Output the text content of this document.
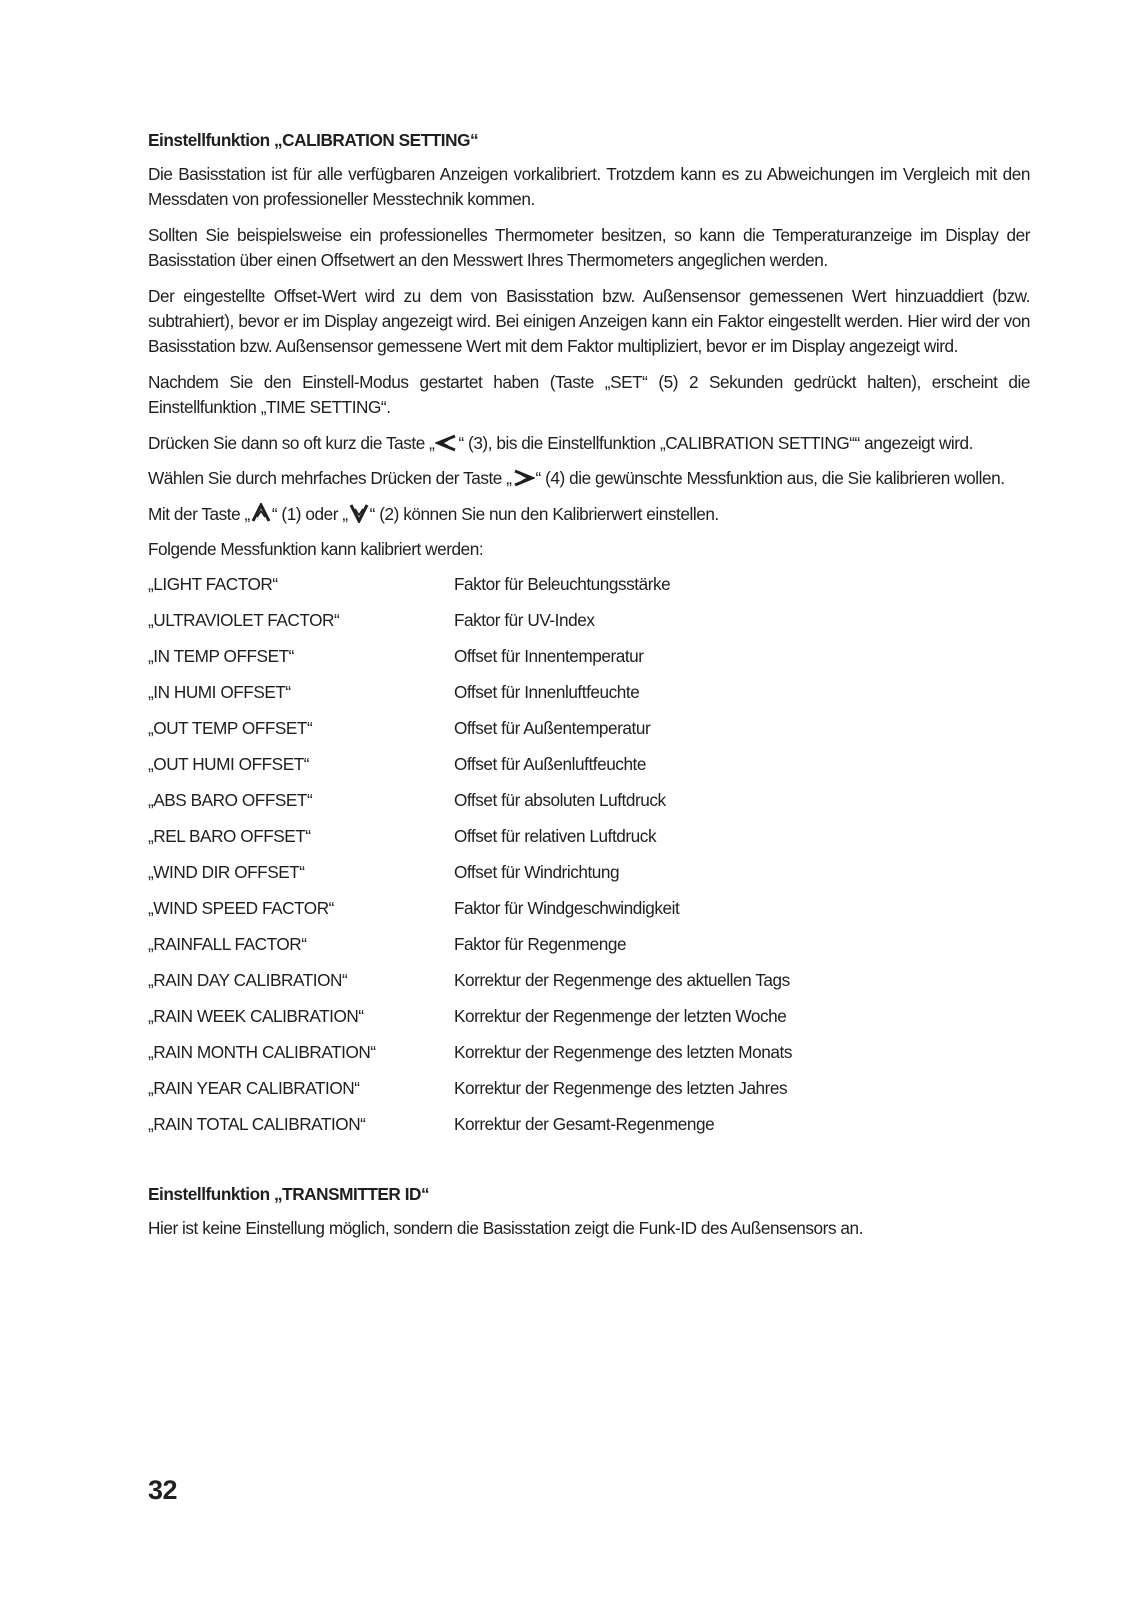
Einstellfunktion „CALIBRATION SETTING“

Die Basisstation ist für alle verfügbaren Anzeigen vorkalibriert. Trotzdem kann es zu Abweichungen im Vergleich mit den Messdaten von professioneller Messtechnik kommen.

Sollten Sie beispielsweise ein professionelles Thermometer besitzen, so kann die Temperaturanzeige im Display der Basisstation über einen Offsetwert an den Messwert Ihres Thermometers angeglichen werden.

Der eingestellte Offset-Wert wird zu dem von Basisstation bzw. Außensensor gemessenen Wert hinzuaddiert (bzw. subtrahiert), bevor er im Display angezeigt wird. Bei einigen Anzeigen kann ein Faktor eingestellt werden. Hier wird der von Basisstation bzw. Außensensor gemessene Wert mit dem Faktor multipliziert, bevor er im Display angezeigt wird.

Nachdem Sie den Einstell-Modus gestartet haben (Taste „SET“ (5) 2 Sekunden gedrückt halten), erscheint die Einstellfunktion „TIME SETTING“.

Drücken Sie dann so oft kurz die Taste „ “ (3), bis die Einstellfunktion „CALIBRATION SETTING““ angezeigt wird.

Wählen Sie durch mehrfaches Drücken der Taste „ “ (4) die gewünschte Messfunktion aus, die Sie kalibrieren wollen.

Mit der Taste „ “ (1) oder „ “ (2) können Sie nun den Kalibrierwert einstellen.

Folgende Messfunktion kann kalibriert werden:

„LIGHT FACTOR“	Faktor für Beleuchtungsstärke
„ULTRAVIOLET FACTOR“	Faktor für UV-Index
„IN TEMP OFFSET“	Offset für Innentemperatur
„IN HUMI OFFSET“	Offset für Innenluftfeuchte
„OUT TEMP OFFSET“	Offset für Außentemperatur
„OUT HUMI OFFSET“	Offset für Außenluftfeuchte
„ABS BARO OFFSET“	Offset für absoluten Luftdruck
„REL BARO OFFSET“	Offset für relativen Luftdruck
„WIND DIR OFFSET“	Offset für Windrichtung
„WIND SPEED FACTOR“	Faktor für Windgeschwindigkeit
„RAINFALL FACTOR“	Faktor für Regenmenge
„RAIN DAY CALIBRATION“	Korrektur der Regenmenge des aktuellen Tags
„RAIN WEEK CALIBRATION“	Korrektur der Regenmenge der letzten Woche
„RAIN MONTH CALIBRATION“	Korrektur der Regenmenge des letzten Monats
„RAIN YEAR CALIBRATION“	Korrektur der Regenmenge des letzten Jahres
„RAIN TOTAL CALIBRATION“	Korrektur der Gesamt-Regenmenge
Einstellfunktion „TRANSMITTER ID“

Hier ist keine Einstellung möglich, sondern die Basisstation zeigt die Funk-ID des Außensensors an.

32
